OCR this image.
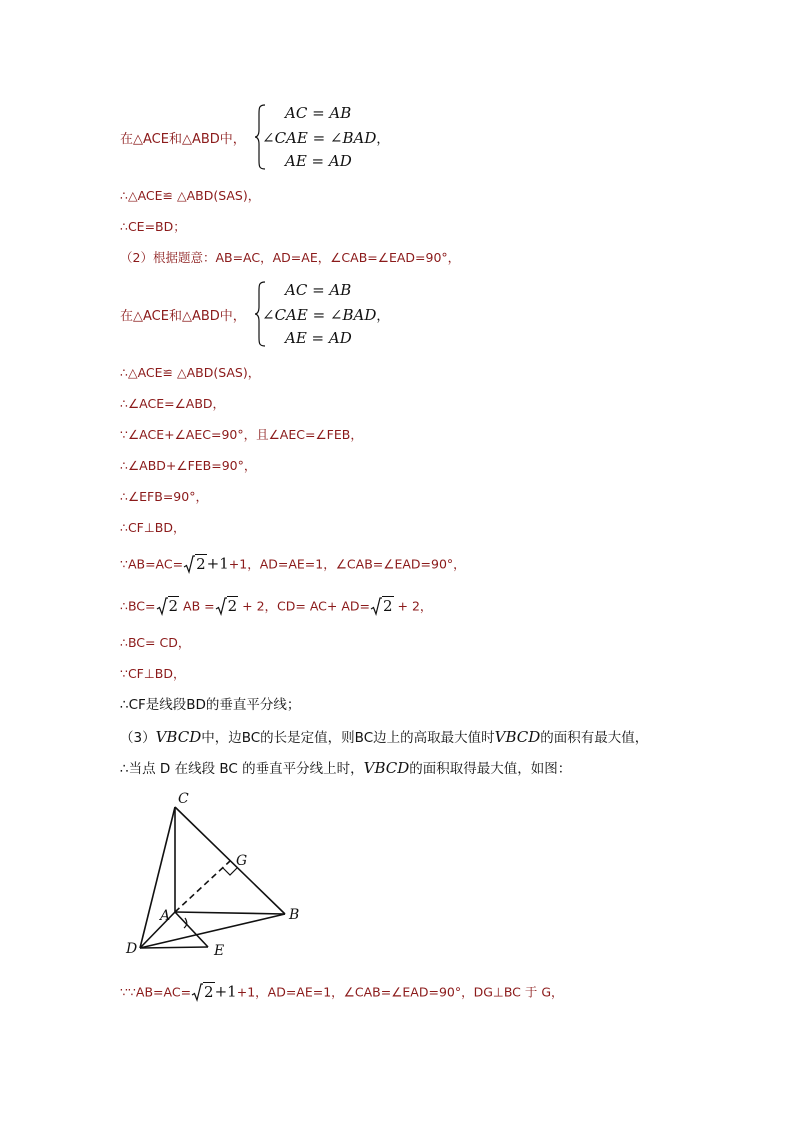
在△ACE和△ABD中，
AC = AB
∠CAE = ∠BAD，
AE = AD
∴△ACE≌ △ABD(SAS)，
∴CE=BD；
（2）根据题意：AB=AC，AD=AE，∠CAB=∠EAD=90°，
在△ACE和△ABD中，
AC = AB
∠CAE = ∠BAD，
AE = AD
∴△ACE≌ △ABD(SAS)，
∴∠ACE=∠ABD，
∵∠ACE+∠AEC=90°，且∠AEC=∠FEB，
∴∠ABD+∠FEB=90°，
∴∠EFB=90°，
∴CF⊥BD，
∵AB=AC= 2+1+1，AD=AE=1，∠CAB=∠EAD=90°，
∴BC= 2 AB = 2 + 2，CD= AC+ AD= 2 + 2，
∴BC= CD，
∵CF⊥BD，
∴CF是线段BD的垂直平分线；
（3）VBCD中，边BC的长是定值，则BC边上的高取最大值时VBCD的面积有最大值，
∴当点 D 在线段 BC 的垂直平分线上时，VBCD的面积取得最大值，如图：
C
G
A	B
D	E
∵∵AB=AC= 2+1+1，AD=AE=1，∠CAB=∠EAD=90°，DG⊥BC 于 G，
